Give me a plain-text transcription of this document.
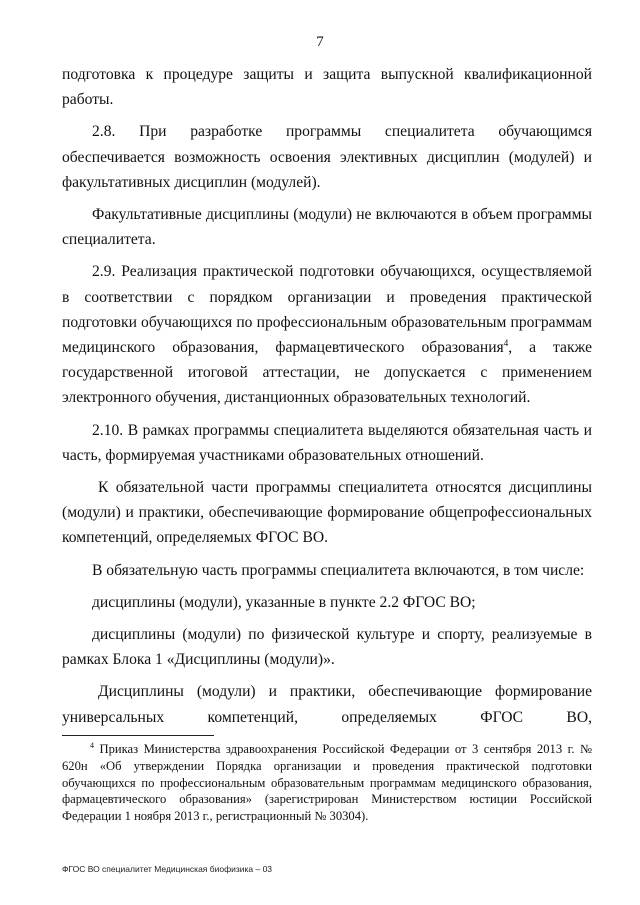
7

подготовка к процедуре защиты и защита выпускной квалификационной работы.

2.8. При разработке программы специалитета обучающимся обеспечивается возможность освоения элективных дисциплин (модулей) и факультативных дисциплин (модулей).

Факультативные дисциплины (модули) не включаются в объем программы специалитета.

2.9. Реализация практической подготовки обучающихся, осуществляемой в соответствии с порядком организации и проведения практической подготовки обучающихся по профессиональным образовательным программам медицинского образования, фармацевтического образования$^4$, а также государственной итоговой аттестации, не допускается с применением электронного обучения, дистанционных образовательных технологий.

2.10. В рамках программы специалитета выделяются обязательная часть и часть, формируемая участниками образовательных отношений.

К обязательной части программы специалитета относятся дисциплины (модули) и практики, обеспечивающие формирование общепрофессиональных компетенций, определяемых ФГОС ВО.

В обязательную часть программы специалитета включаются, в том числе:

дисциплины (модули), указанные в пункте 2.2 ФГОС ВО;

дисциплины (модули) по физической культуре и спорту, реализуемые в рамках Блока 1 «Дисциплины (модули)».

Дисциплины (модули) и практики, обеспечивающие формирование универсальных компетенций, определяемых ФГОС ВО,

$^4$ Приказ Министерства здравоохранения Российской Федерации от 3 сентября 2013 г. № 620н «Об утверждении Порядка организации и проведения практической подготовки обучающихся по профессиональным образовательным программам медицинского образования, фармацевтического образования» (зарегистрирован Министерством юстиции Российской Федерации 1 ноября 2013 г., регистрационный № 30304).

ФГОС ВО специалитет Медицинская биофизика – 03
